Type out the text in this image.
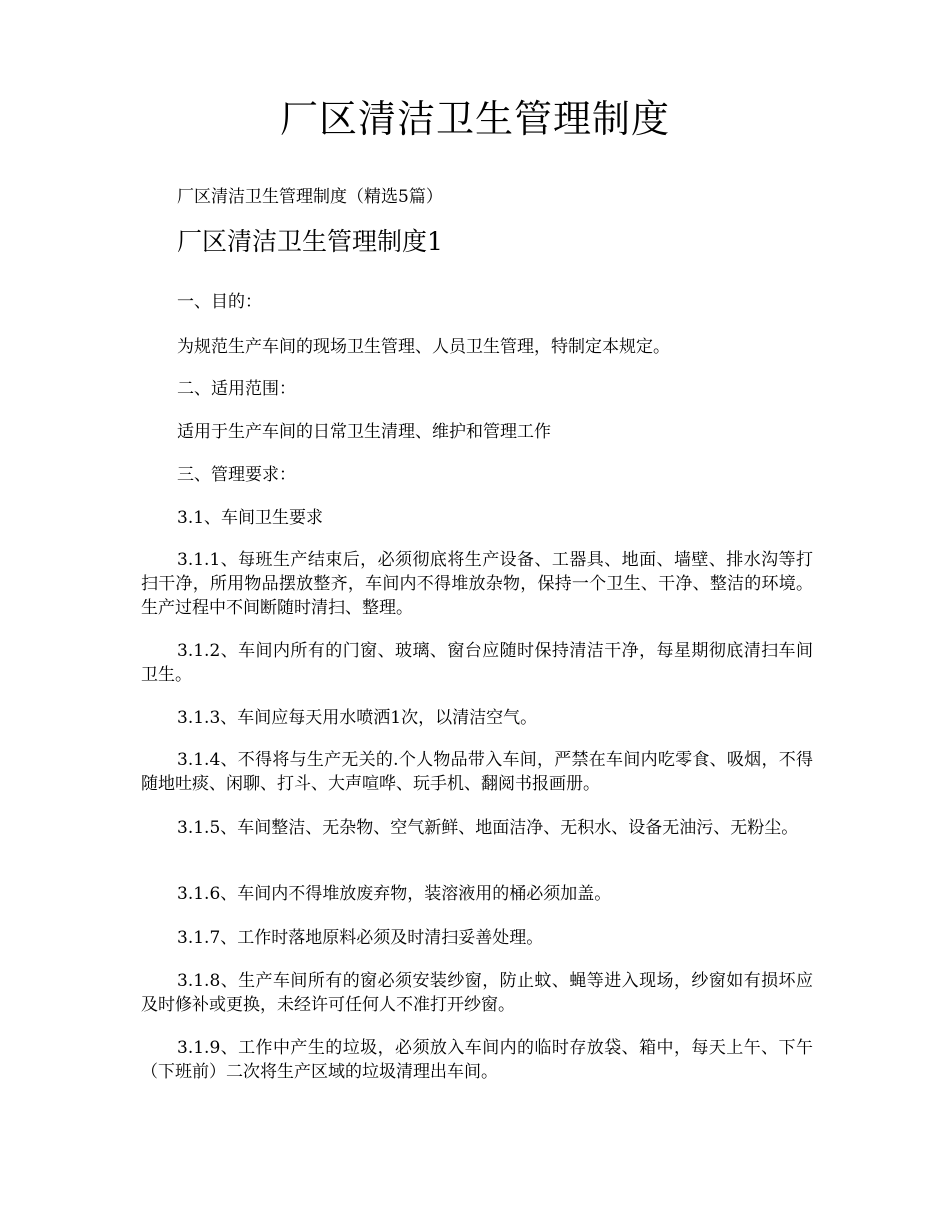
厂区清洁卫生管理制度
厂区清洁卫生管理制度（精选5篇）
厂区清洁卫生管理制度1
一、目的：
为规范生产车间的现场卫生管理、人员卫生管理，特制定本规定。
二、适用范围：
适用于生产车间的日常卫生清理、维护和管理工作
三、管理要求：
3.1、车间卫生要求
3.1.1、每班生产结束后，必须彻底将生产设备、工器具、地面、墙壁、排水沟等打扫干净，所用物品摆放整齐，车间内不得堆放杂物，保持一个卫生、干净、整洁的环境。生产过程中不间断随时清扫、整理。
3.1.2、车间内所有的门窗、玻璃、窗台应随时保持清洁干净，每星期彻底清扫车间卫生。
3.1.3、车间应每天用水喷洒1次，以清洁空气。
3.1.4、不得将与生产无关的.个人物品带入车间，严禁在车间内吃零食、吸烟，不得随地吐痰、闲聊、打斗、大声喧哗、玩手机、翻阅书报画册。
3.1.5、车间整洁、无杂物、空气新鲜、地面洁净、无积水、设备无油污、无粉尘。
3.1.6、车间内不得堆放废弃物，装溶液用的桶必须加盖。
3.1.7、工作时落地原料必须及时清扫妥善处理。
3.1.8、生产车间所有的窗必须安装纱窗，防止蚊、蝇等进入现场，纱窗如有损坏应及时修补或更换，未经许可任何人不准打开纱窗。
3.1.9、工作中产生的垃圾，必须放入车间内的临时存放袋、箱中，每天上午、下午（下班前）二次将生产区域的垃圾清理出车间。
